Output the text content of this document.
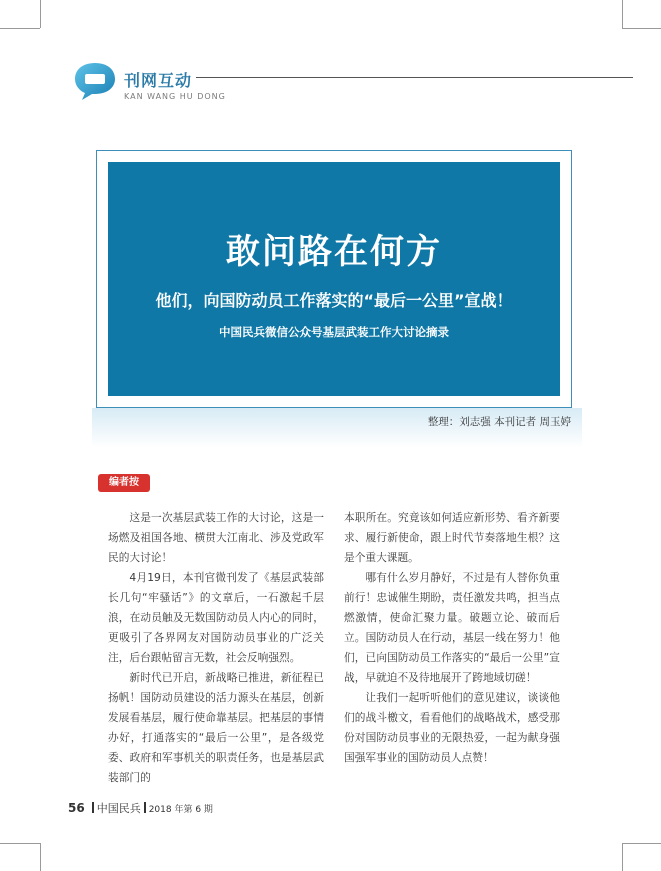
刊网互动
KAN WANG HU DONG
敢问路在何方
他们，向国防动员工作落实的“最后一公里”宣战！
中国民兵微信公众号基层武装工作大讨论摘录
整理：刘志强 本刊记者 周玉婷
编者按

这是一次基层武装工作的大讨论，这是一场燃及祖国各地、横贯大江南北、涉及党政军民的大讨论！

4月19日，本刊官微刊发了《基层武装部长几句“牢骚话”》的文章后，一石激起千层浪，在动员触及无数国防动员人内心的同时，更吸引了各界网友对国防动员事业的广泛关注，后台跟帖留言无数，社会反响强烈。

新时代已开启，新战略已推进，新征程已扬帆！国防动员建设的活力源头在基层，创新发展看基层，履行使命靠基层。把基层的事情办好，打通落实的“最后一公里”，是各级党委、政府和军事机关的职责任务，也是基层武装部门的

本职所在。究竟该如何适应新形势、看齐新要求、履行新使命，跟上时代节奏落地生根？这是个重大课题。

哪有什么岁月静好，不过是有人替你负重前行！忠诚催生期盼，责任激发共鸣，担当点燃激情，使命汇聚力量。破题立论、破而后立。国防动员人在行动，基层一线在努力！他们，已向国防动员工作落实的“最后一公里”宣战，早就迫不及待地展开了跨地域切磋！

让我们一起听听他们的意见建议，谈谈他们的战斗檄文，看看他们的战略战术，感受那份对国防动员事业的无限热爱，一起为献身强国强军事业的国防动员人点赞！

56 中国民兵 2018 年第 6 期
